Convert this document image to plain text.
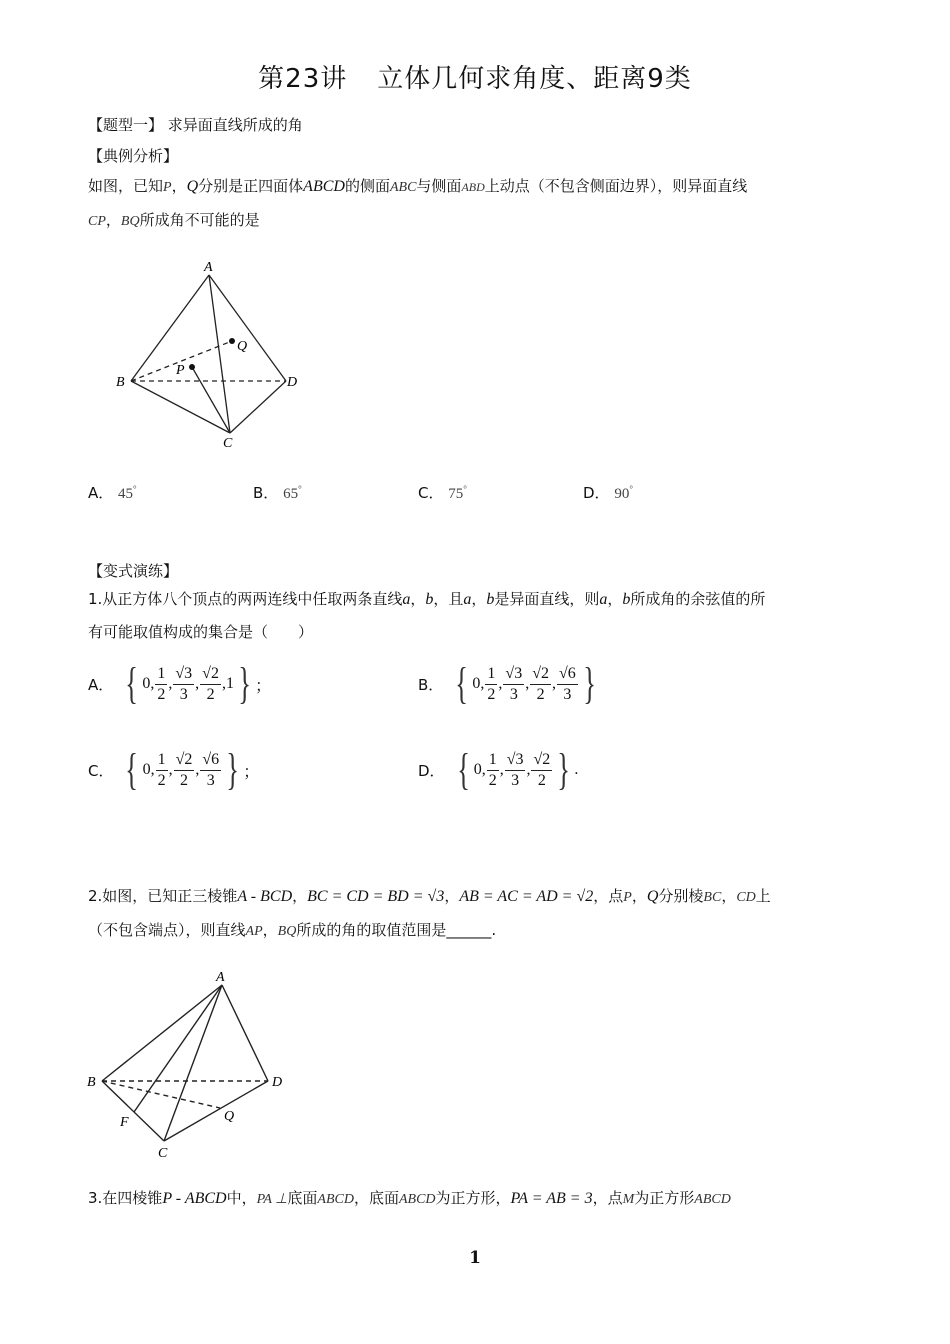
第23讲 立体几何求角度、距离9类
【题型一】 求异面直线所成的角
【典例分析】
如图，已知P，Q分别是正四面体ABCD的侧面ABC与侧面ABD上动点（不包含侧面边界），则异面直线
CP，BQ所成角不可能的是
A
B
C
D
P
Q
A． 45°	B． 65°	C． 75°	D． 90°
【变式演练】
1.从正方体八个顶点的两两连线中任取两条直线a，b，且a，b是异面直线，则a，b所成角的余弦值的所
有可能取值构成的集合是（　　）
A． { 0, $\frac{1}{2}$ , $\frac{√3}{3}$ , $\frac{√2}{2} ,1$ } ；	B． { 0, $\frac{1}{2}$ , $\frac{√3}{3}$ , $\frac{√2}{2}$ , $\frac{√6}{3}$ }
C． { 0, $\frac{1}{2}$ , $\frac{√2}{2}$ , $\frac{√6}{3}$ } ；	D． { 0, $\frac{1}{2}$ , $\frac{√3}{3}$ , $\frac{√2}{2}$ } .
2.如图，已知正三棱锥A - BCD，BC = CD = BD = √3，AB = AC = AD = √2，点P，Q分别棱BC，CD上
（不包含端点），则直线AP，BQ所成的角的取值范围是______.
A
B
C
D
F	Q
3.在四棱锥P - ABCD中，PA ⊥底面ABCD，底面ABCD为正方形，PA = AB = 3，点M为正方形ABCD
1
